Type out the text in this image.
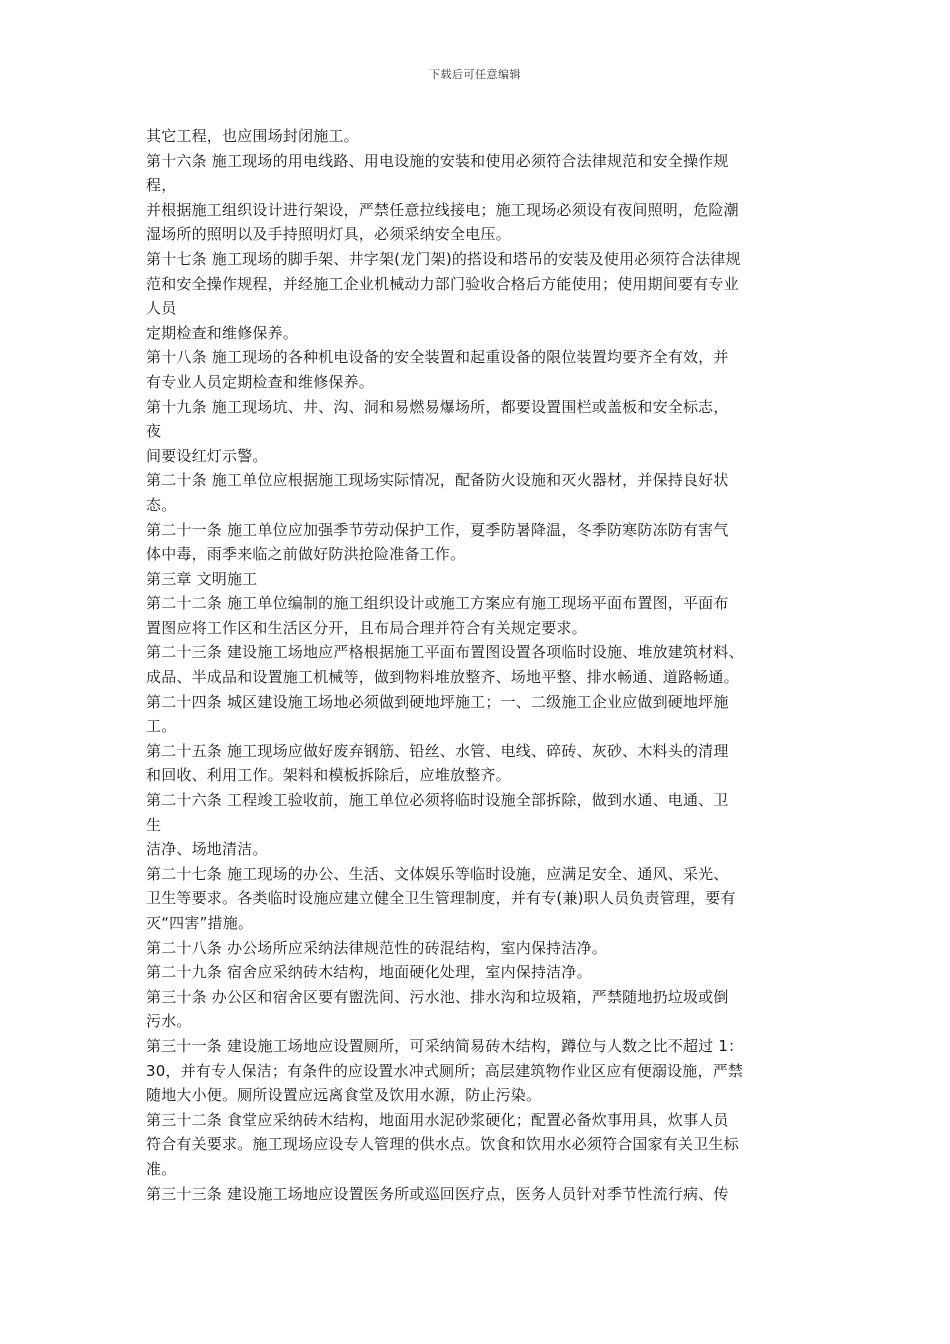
下载后可任意编辑
其它工程，也应围场封闭施工。
第十六条 施工现场的用电线路、用电设施的安装和使用必须符合法律规范和安全操作规
程，
并根据施工组织设计进行架设，严禁任意拉线接电；施工现场必须设有夜间照明，危险潮
湿场所的照明以及手持照明灯具，必须采纳安全电压。
第十七条 施工现场的脚手架、井字架(龙门架)的搭设和塔吊的安装及使用必须符合法律规
范和安全操作规程，并经施工企业机械动力部门验收合格后方能使用；使用期间要有专业
人员
定期检查和维修保养。
第十八条 施工现场的各种机电设备的安全装置和起重设备的限位装置均要齐全有效，并
有专业人员定期检查和维修保养。
第十九条 施工现场坑、井、沟、洞和易燃易爆场所，都要设置围栏或盖板和安全标志，
夜
间要设红灯示警。
第二十条 施工单位应根据施工现场实际情况，配备防火设施和灭火器材，并保持良好状
态。
第二十一条 施工单位应加强季节劳动保护工作，夏季防暑降温，冬季防寒防冻防有害气
体中毒，雨季来临之前做好防洪抢险准备工作。
第三章 文明施工
第二十二条 施工单位编制的施工组织设计或施工方案应有施工现场平面布置图，平面布
置图应将工作区和生活区分开，且布局合理并符合有关规定要求。
第二十三条 建设施工场地应严格根据施工平面布置图设置各项临时设施、堆放建筑材料、
成品、半成品和设置施工机械等，做到物料堆放整齐、场地平整、排水畅通、道路畅通。
第二十四条 城区建设施工场地必须做到硬地坪施工；一、二级施工企业应做到硬地坪施
工。
第二十五条 施工现场应做好废弃钢筋、铅丝、水管、电线、碎砖、灰砂、木料头的清理
和回收、利用工作。架料和模板拆除后，应堆放整齐。
第二十六条 工程竣工验收前，施工单位必须将临时设施全部拆除，做到水通、电通、卫
生
洁净、场地清洁。
第二十七条 施工现场的办公、生活、文体娱乐等临时设施，应满足安全、通风、采光、
卫生等要求。各类临时设施应建立健全卫生管理制度，并有专(兼)职人员负责管理，要有
灭“四害”措施。
第二十八条 办公场所应采纳法律规范性的砖混结构，室内保持洁净。
第二十九条 宿舍应采纳砖木结构，地面硬化处理，室内保持洁净。
第三十条 办公区和宿舍区要有盥洗间、污水池、排水沟和垃圾箱，严禁随地扔垃圾或倒
污水。
第三十一条 建设施工场地应设置厕所，可采纳简易砖木结构，蹲位与人数之比不超过 1：
30，并有专人保洁；有条件的应设置水冲式厕所；高层建筑物作业区应有便溺设施，严禁
随地大小便。厕所设置应远离食堂及饮用水源，防止污染。
第三十二条 食堂应采纳砖木结构，地面用水泥砂浆硬化；配置必备炊事用具，炊事人员
符合有关要求。施工现场应设专人管理的供水点。饮食和饮用水必须符合国家有关卫生标
准。
第三十三条 建设施工场地应设置医务所或巡回医疗点，医务人员针对季节性流行病、传
